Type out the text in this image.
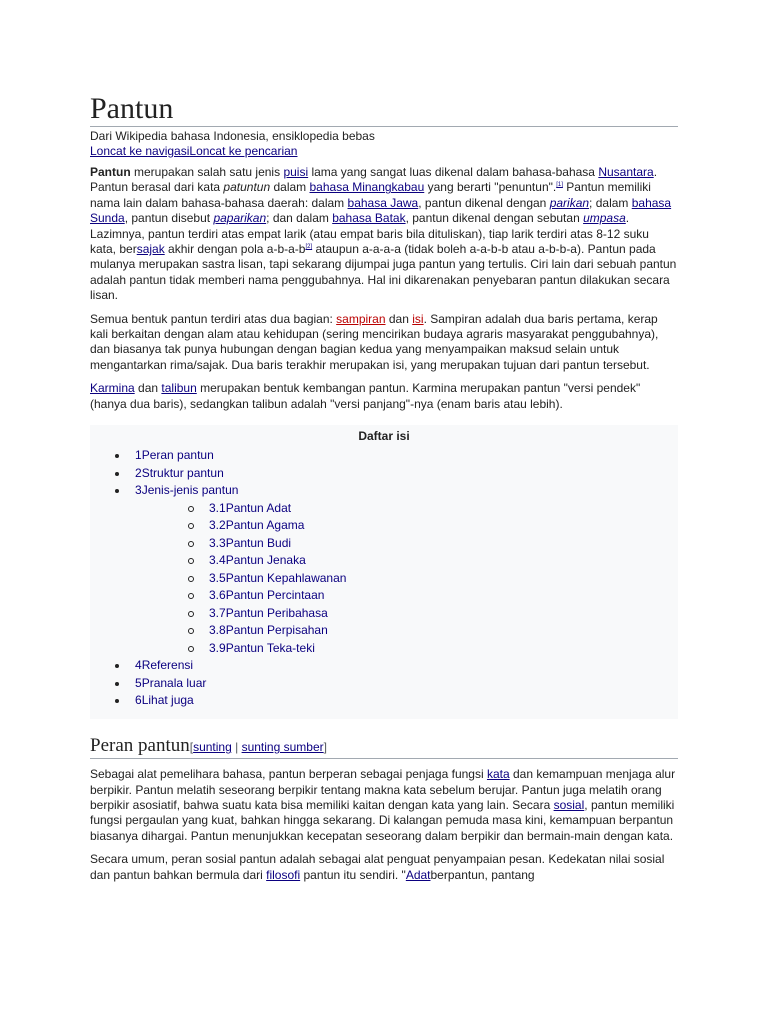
Pantun
Dari Wikipedia bahasa Indonesia, ensiklopedia bebas
Loncat ke navigasiLoncat ke pencarian

Pantun merupakan salah satu jenis puisi lama yang sangat luas dikenal dalam bahasa-bahasa Nusantara. Pantun berasal dari kata patuntun dalam bahasa Minangkabau yang berarti "penuntun".[1] Pantun memiliki nama lain dalam bahasa-bahasa daerah: dalam bahasa Jawa, pantun dikenal dengan parikan; dalam bahasa Sunda, pantun disebut paparikan; dan dalam bahasa Batak, pantun dikenal dengan sebutan umpasa. Lazimnya, pantun terdiri atas empat larik (atau empat baris bila dituliskan), tiap larik terdiri atas 8-12 suku kata, bersajak akhir dengan pola a-b-a-b[2] ataupun a-a-a-a (tidak boleh a-a-b-b atau a-b-b-a). Pantun pada mulanya merupakan sastra lisan, tapi sekarang dijumpai juga pantun yang tertulis. Ciri lain dari sebuah pantun adalah pantun tidak memberi nama penggubahnya. Hal ini dikarenakan penyebaran pantun dilakukan secara lisan.

Semua bentuk pantun terdiri atas dua bagian: sampiran dan isi. Sampiran adalah dua baris pertama, kerap kali berkaitan dengan alam atau kehidupan (sering mencirikan budaya agraris masyarakat penggubahnya), dan biasanya tak punya hubungan dengan bagian kedua yang menyampaikan maksud selain untuk mengantarkan rima/sajak. Dua baris terakhir merupakan isi, yang merupakan tujuan dari pantun tersebut.

Karmina dan talibun merupakan bentuk kembangan pantun. Karmina merupakan pantun "versi pendek" (hanya dua baris), sedangkan talibun adalah "versi panjang"-nya (enam baris atau lebih).

Daftar isi
1Peran pantun
2Struktur pantun
3Jenis-jenis pantun
3.1Pantun Adat
3.2Pantun Agama
3.3Pantun Budi
3.4Pantun Jenaka
3.5Pantun Kepahlawanan
3.6Pantun Percintaan
3.7Pantun Peribahasa
3.8Pantun Perpisahan
3.9Pantun Teka-teki
4Referensi
5Pranala luar
6Lihat juga
Peran pantun[sunting | sunting sumber]

Sebagai alat pemelihara bahasa, pantun berperan sebagai penjaga fungsi kata dan kemampuan menjaga alur berpikir. Pantun melatih seseorang berpikir tentang makna kata sebelum berujar. Pantun juga melatih orang berpikir asosiatif, bahwa suatu kata bisa memiliki kaitan dengan kata yang lain. Secara sosial, pantun memiliki fungsi pergaulan yang kuat, bahkan hingga sekarang. Di kalangan pemuda masa kini, kemampuan berpantun biasanya dihargai. Pantun menunjukkan kecepatan seseorang dalam berpikir dan bermain-main dengan kata.

Secara umum, peran sosial pantun adalah sebagai alat penguat penyampaian pesan. Kedekatan nilai sosial dan pantun bahkan bermula dari filosofi pantun itu sendiri. "Adatberpantun, pantang
